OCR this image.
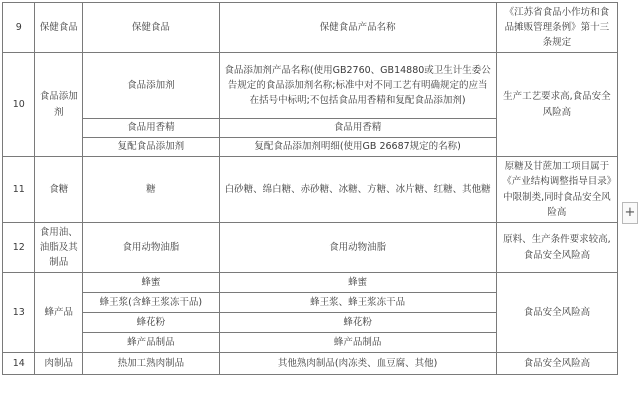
9	保健食品	保健食品	保健食品产品名称	《江苏省食品小作坊和食品摊贩管理条例》第十三条规定
10	食品添加剂	食品添加剂	食品添加剂产品名称(使用GB2760、GB14880或卫生计生委公告规定的食品添加剂名称;标准中对不同工艺有明确规定的应当在括号中标明;不包括食品用香精和复配食品添加剂)	生产工艺要求高,食品安全风险高
		食品用香精	食品用香精	
		复配食品添加剂	复配食品添加剂明细(使用GB 26687规定的名称)	
11	食糖	糖	白砂糖、绵白糖、赤砂糖、冰糖、方糖、冰片糖、红糖、其他糖	原糖及甘蔗加工项目属于《产业结构调整指导目录》中限制类,同时食品安全风险高
12	食用油、油脂及其制品	食用动物油脂	食用动物油脂	原料、生产条件要求较高,食品安全风险高
13	蜂产品	蜂蜜	蜂蜜	食品安全风险高
		蜂王浆(含蜂王浆冻干品)	蜂王浆、蜂王浆冻干品	
		蜂花粉	蜂花粉	
		蜂产品制品	蜂产品制品	
14	肉制品	热加工熟肉制品	其他熟肉制品(肉冻类、血豆腐、其他)	食品安全风险高
+
